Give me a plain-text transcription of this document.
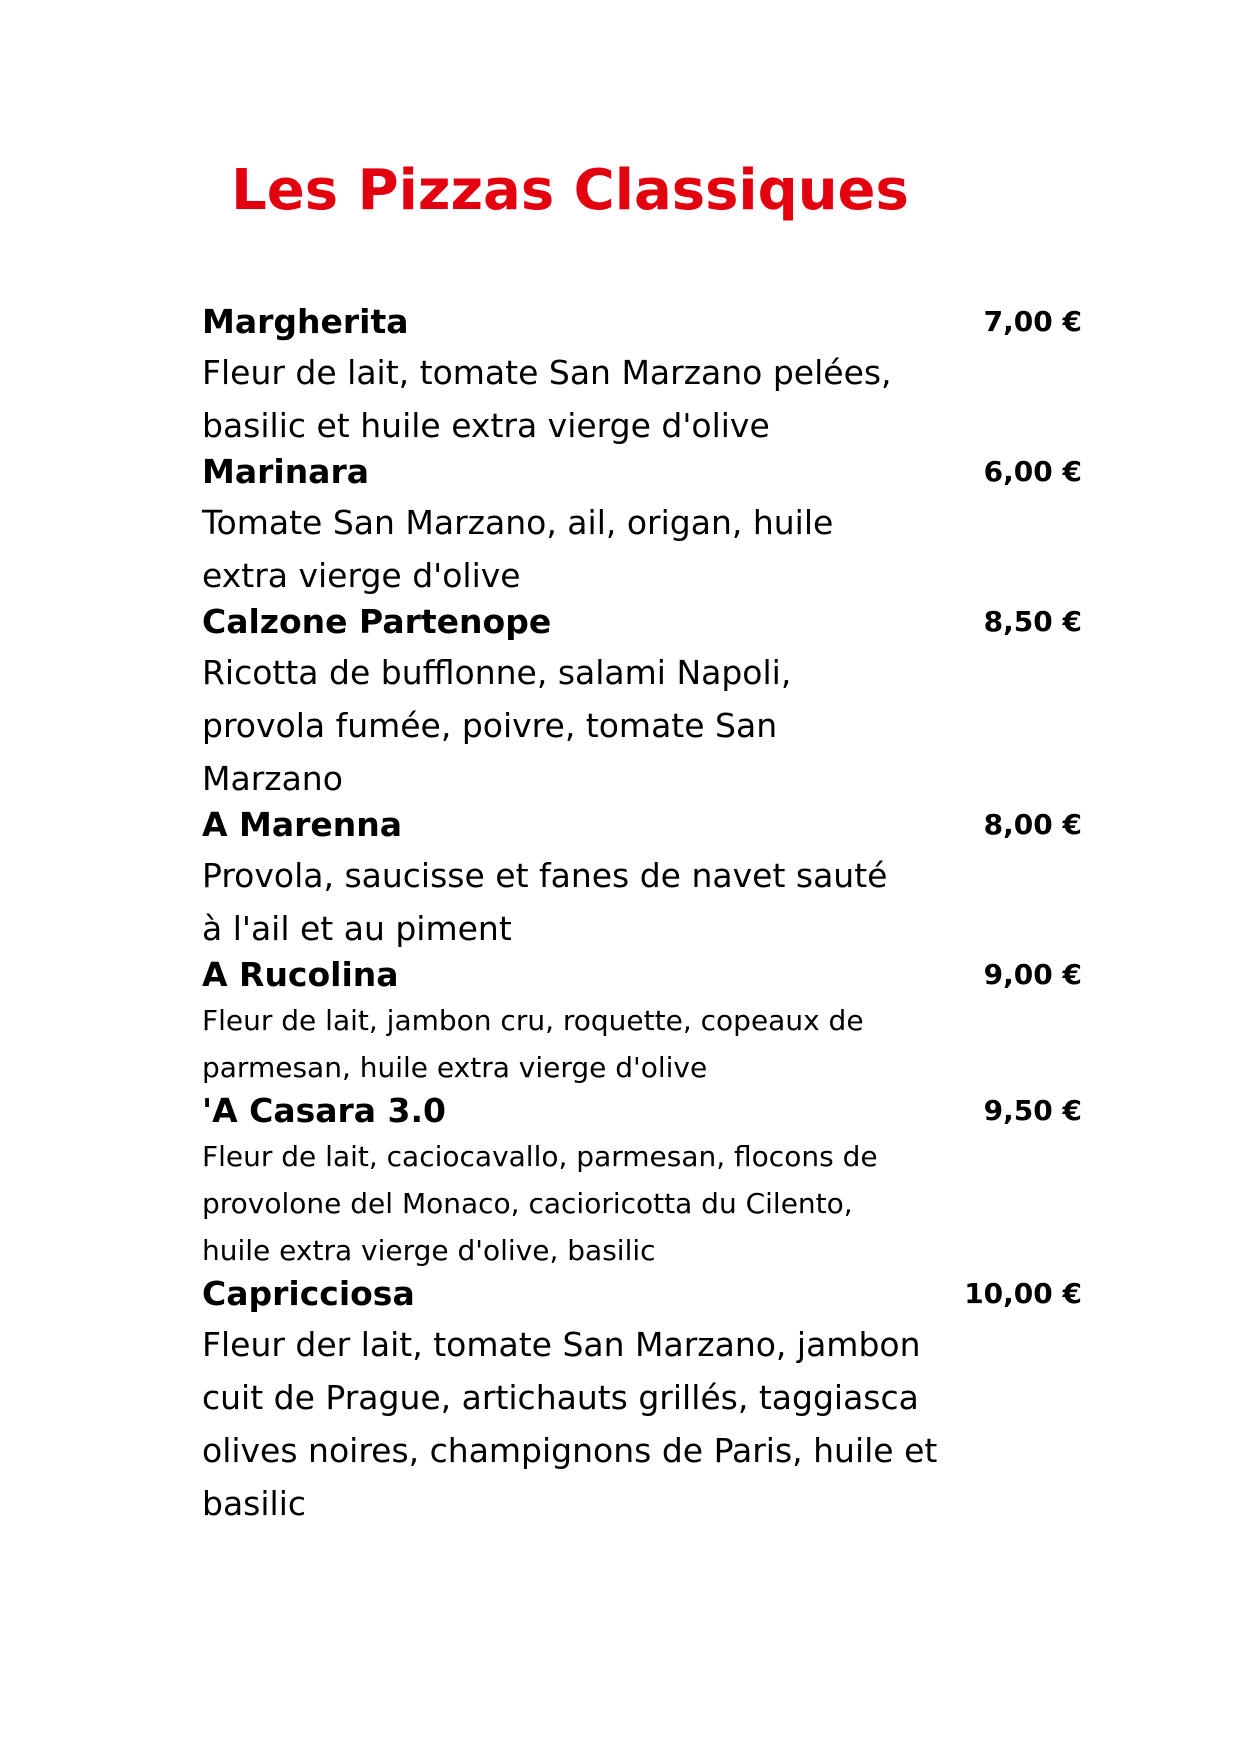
Les Pizzas Classiques
Margherita	7,00 €
Fleur de lait, tomate San Marzano pelées,
basilic et huile extra vierge d'olive
Marinara	6,00 €
Tomate San Marzano, ail, origan, huile
extra vierge d'olive
Calzone Partenope	8,50 €
Ricotta de bufflonne, salami Napoli,
provola fumée, poivre, tomate San
Marzano
A Marenna	8,00 €
Provola, saucisse et fanes de navet sauté
à l'ail et au piment
A Rucolina	9,00 €
Fleur de lait, jambon cru, roquette, copeaux de
parmesan, huile extra vierge d'olive
'A Casara 3.0	9,50 €
Fleur de lait, caciocavallo, parmesan, flocons de
provolone del Monaco, cacioricotta du Cilento,
huile extra vierge d'olive, basilic
Capricciosa	10,00 €
Fleur der lait, tomate San Marzano, jambon
cuit de Prague, artichauts grillés, taggiasca
olives noires, champignons de Paris, huile et
basilic
